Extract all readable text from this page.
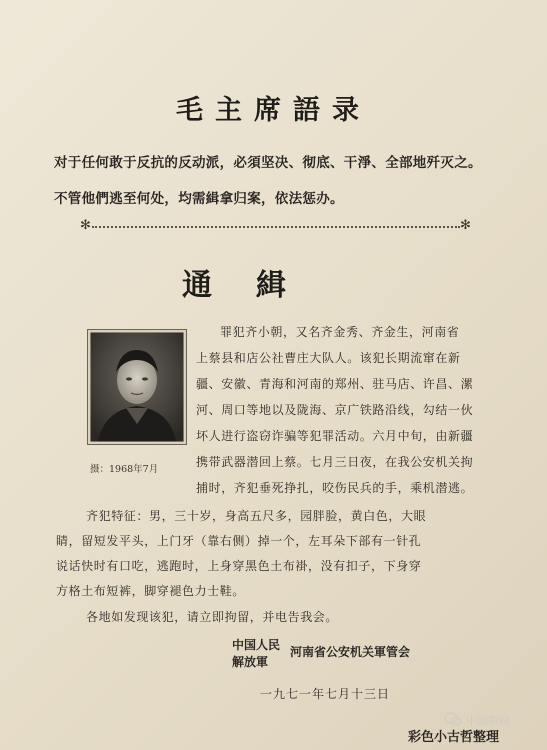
毛主席語录
对于任何敢于反抗的反动派，必須坚决、彻底、干淨、全部地歼灭之。
不管他們逃至何处，均需緝拿归案，依法惩办。
✻	✻
通緝
摄：1968年7月
罪犯齐小朝，又名齐金秀、齐金生，河南省
上蔡县和店公社曹庄大队人。该犯长期流窜在新
疆、安徽、青海和河南的郑州、驻马店、许昌、漯
河、周口等地以及陇海、京广铁路沿线，勾结一伙
坏人进行盗窃诈骗等犯罪活动。六月中旬，由新疆
携带武器潜回上蔡。七月三日夜，在我公安机关拘
捕时，齐犯垂死挣扎，咬伤民兵的手，乘机潜逃。
齐犯特征：男，三十岁，身高五尺多，园胖脸，黄白色，大眼
睛，留短发平头，上门牙（靠右侧）掉一个，左耳朵下部有一针孔
说话快时有口吃，逃跑时，上身穿黑色土布褂，没有扣子，下身穿
方格土布短裤，脚穿褪色力士鞋。
各地如发现该犯，请立即拘留，并电告我会。
中国人民
解放軍
河南省公安机关軍管会
一九七一年七月十三日
中国数间
彩色小古哲整理
